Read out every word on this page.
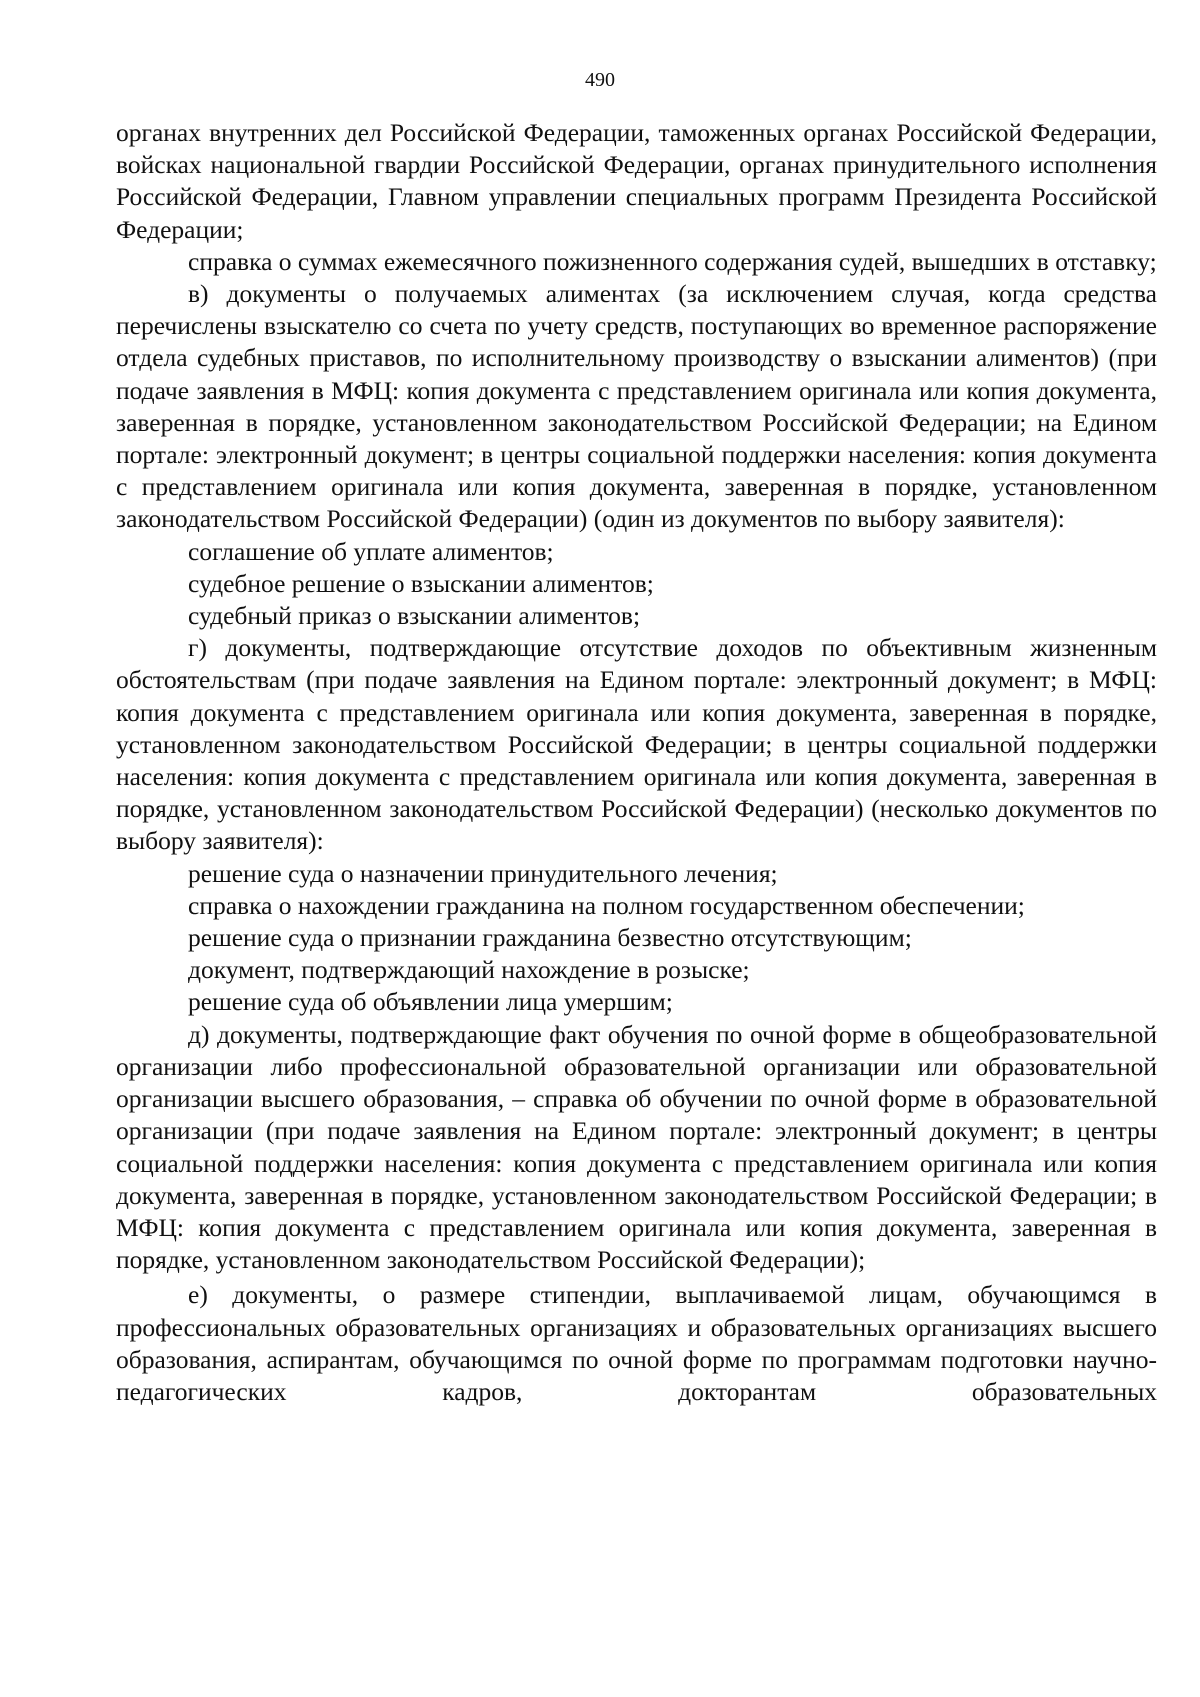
490

органах внутренних дел Российской Федерации, таможенных органах Российской Федерации, войсках национальной гвардии Российской Федерации, органах принудительного исполнения Российской Федерации, Главном управлении специальных программ Президента Российской Федерации;

справка о суммах ежемесячного пожизненного содержания судей, вышедших в отставку;

в) документы о получаемых алиментах (за исключением случая, когда средства перечислены взыскателю со счета по учету средств, поступающих во временное распоряжение отдела судебных приставов, по исполнительному производству о взыскании алиментов) (при подаче заявления в МФЦ: копия документа с представлением оригинала или копия документа, заверенная в порядке, установленном законодательством Российской Федерации; на Едином портале: электронный документ; в центры социальной поддержки населения: копия документа с представлением оригинала или копия документа, заверенная в порядке, установленном законодательством Российской Федерации) (один из документов по выбору заявителя):

соглашение об уплате алиментов;

судебное решение о взыскании алиментов;

судебный приказ о взыскании алиментов;

г) документы, подтверждающие отсутствие доходов по объективным жизненным обстоятельствам (при подаче заявления на Едином портале: электронный документ; в МФЦ: копия документа с представлением оригинала или копия документа, заверенная в порядке, установленном законодательством Российской Федерации; в центры социальной поддержки населения: копия документа с представлением оригинала или копия документа, заверенная в порядке, установленном законодательством Российской Федерации) (несколько документов по выбору заявителя):

решение суда о назначении принудительного лечения;

справка о нахождении гражданина на полном государственном обеспечении;

решение суда о признании гражданина безвестно отсутствующим;

документ, подтверждающий нахождение в розыске;

решение суда об объявлении лица умершим;

д) документы, подтверждающие факт обучения по очной форме в общеобразовательной организации либо профессиональной образовательной организации или образовательной организации высшего образования, – справка об обучении по очной форме в образовательной организации (при подаче заявления на Едином портале: электронный документ; в центры социальной поддержки населения: копия документа с представлением оригинала или копия документа, заверенная в порядке, установленном законодательством Российской Федерации; в МФЦ: копия документа с представлением оригинала или копия документа, заверенная в порядке, установленном законодательством Российской Федерации);

е) документы, о размере стипендии, выплачиваемой лицам, обучающимся в профессиональных образовательных организациях и образовательных организациях высшего образования, аспирантам, обучающимся по очной форме по программам подготовки научно-педагогических кадров, докторантам образовательных
